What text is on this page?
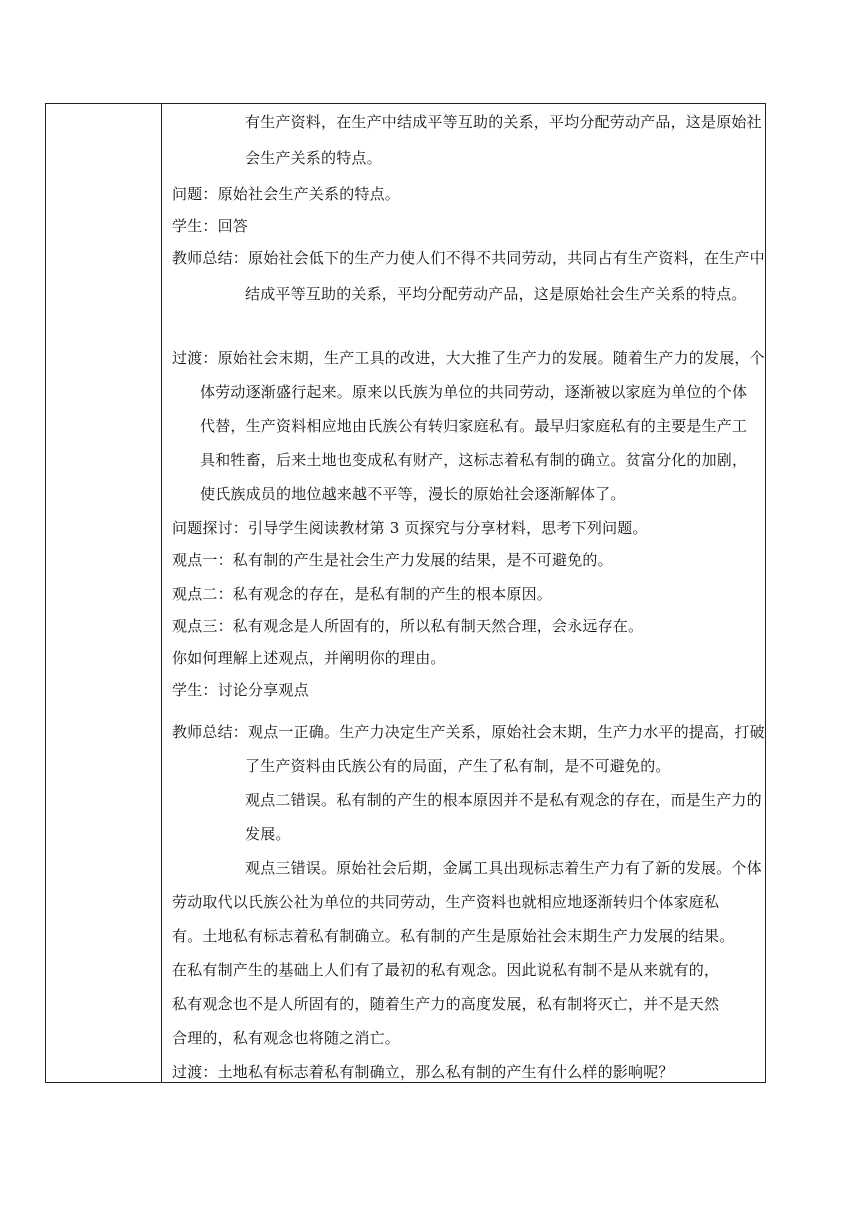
有生产资料，在生产中结成平等互助的关系，平均分配劳动产品，这是原始社
会生产关系的特点。
问题：原始社会生产关系的特点。
学生：回答
教师总结：原始社会低下的生产力使人们不得不共同劳动，共同占有生产资料，在生产中
结成平等互助的关系，平均分配劳动产品，这是原始社会生产关系的特点。
过渡：原始社会末期，生产工具的改进，大大推了生产力的发展。随着生产力的发展，个
体劳动逐渐盛行起来。原来以氏族为单位的共同劳动，逐渐被以家庭为单位的个体
代替，生产资料相应地由氏族公有转归家庭私有。最早归家庭私有的主要是生产工
具和牲畜，后来土地也变成私有财产，这标志着私有制的确立。贫富分化的加剧，
使氏族成员的地位越来越不平等，漫长的原始社会逐渐解体了。
问题探讨：引导学生阅读教材第 3 页探究与分享材料，思考下列问题。
观点一：私有制的产生是社会生产力发展的结果，是不可避免的。
观点二：私有观念的存在，是私有制的产生的根本原因。
观点三：私有观念是人所固有的，所以私有制天然合理，会永远存在。
你如何理解上述观点，并阐明你的理由。
学生：讨论分享观点
教师总结：观点一正确。生产力决定生产关系，原始社会末期，生产力水平的提高，打破
了生产资料由氏族公有的局面，产生了私有制，是不可避免的。
观点二错误。私有制的产生的根本原因并不是私有观念的存在，而是生产力的
发展。
观点三错误。原始社会后期，金属工具出现标志着生产力有了新的发展。个体
劳动取代以氏族公社为单位的共同劳动，生产资料也就相应地逐渐转归个体家庭私
有。土地私有标志着私有制确立。私有制的产生是原始社会末期生产力发展的结果。
在私有制产生的基础上人们有了最初的私有观念。因此说私有制不是从来就有的，
私有观念也不是人所固有的，随着生产力的高度发展，私有制将灭亡，并不是天然
合理的，私有观念也将随之消亡。
过渡：土地私有标志着私有制确立，那么私有制的产生有什么样的影响呢？
